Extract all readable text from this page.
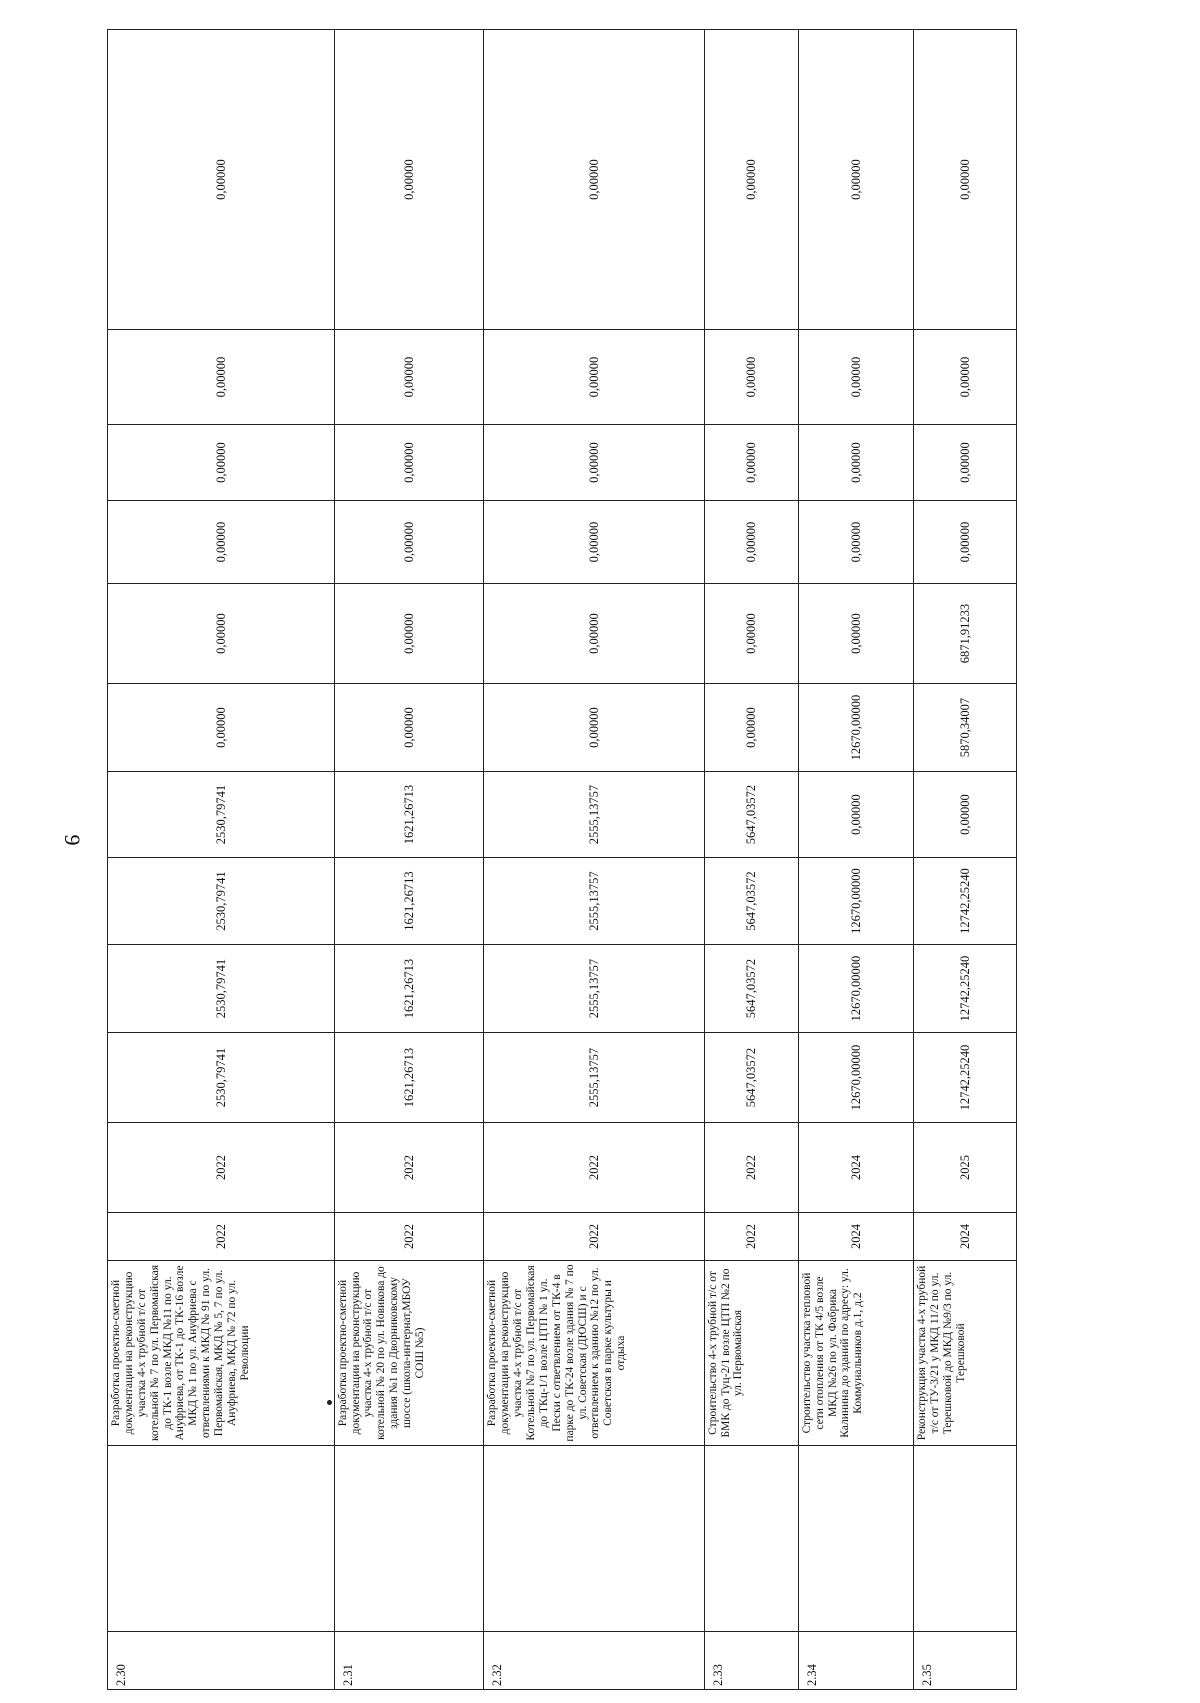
9
2.30		Разработка проектно-сметной документации на реконструкцию участка 4-х трубной т/с от котельной № 7 по ул. Первомайская до ТК-1 возле МКД №11 по ул. Ануфриева, от ТК-1 до ТК-16 возле МКД № 1 по ул. Ануфриева с ответвлениями к МКД № 91 по ул. Первомайская, МКД № 5, 7 по ул. Ануфриева, МКД № 72 по ул. Революции	2022	2022	2530,79741	2530,79741	2530,79741	2530,79741	0,00000	0,00000	0,00000	0,00000	0,00000	0,00000	
2.31		Разработка проектно-сметной документации на реконструкцию участка 4-х трубной т/с от котельной № 20 по ул. Новикова до здания №1 по Дворниковскому шоссе (школа-интернат,МБОУ СОШ №5)	2022	2022	1621,26713	1621,26713	1621,26713	1621,26713	0,00000	0,00000	0,00000	0,00000	0,00000	0,00000	
2.32		Разработка проектно-сметной документации на реконструкцию участка 4-х трубной т/с от Котельной №7 по ул. Первомайская до ТКц-1/1 возле ЦТП № 1 ул. Пески с ответвлением от ТК-4 в парке до ТК-24 возле здания № 7 по ул. Советская (ДЮСШ) и с ответвлением к зданию №12 по ул. Советская в парке культуры и отдыха	2022	2022	2555,13757	2555,13757	2555,13757	2555,13757	0,00000	0,00000	0,00000	0,00000	0,00000	0,00000	
2.33		Строительство 4-х трубной т/с от БМК до Туц-2/1 возле ЦТП №2 по ул. Первомайская	2022	2022	5647,03572	5647,03572	5647,03572	5647,03572	0,00000	0,00000	0,00000	0,00000	0,00000	0,00000	
2.34		Строительство участка тепловой сети отопления от ТК 4/5 возле МКД №26 по ул. Фабрика Калинина до зданий по адресу: ул. Коммунальников д.1, д.2	2024	2024	12670,00000	12670,00000	12670,00000	0,00000	12670,00000	0,00000	0,00000	0,00000	0,00000	0,00000	
2.35		Реконструкция участка 4-х трубной т/с от ТУ-3/21 у МКД 11/2 по ул. Терешковой до МКД №9/3 по ул. Терешковой	2024	2025	12742,25240	12742,25240	12742,25240	0,00000	5870,34007	6871,91233	0,00000	0,00000	0,00000	0,00000	
